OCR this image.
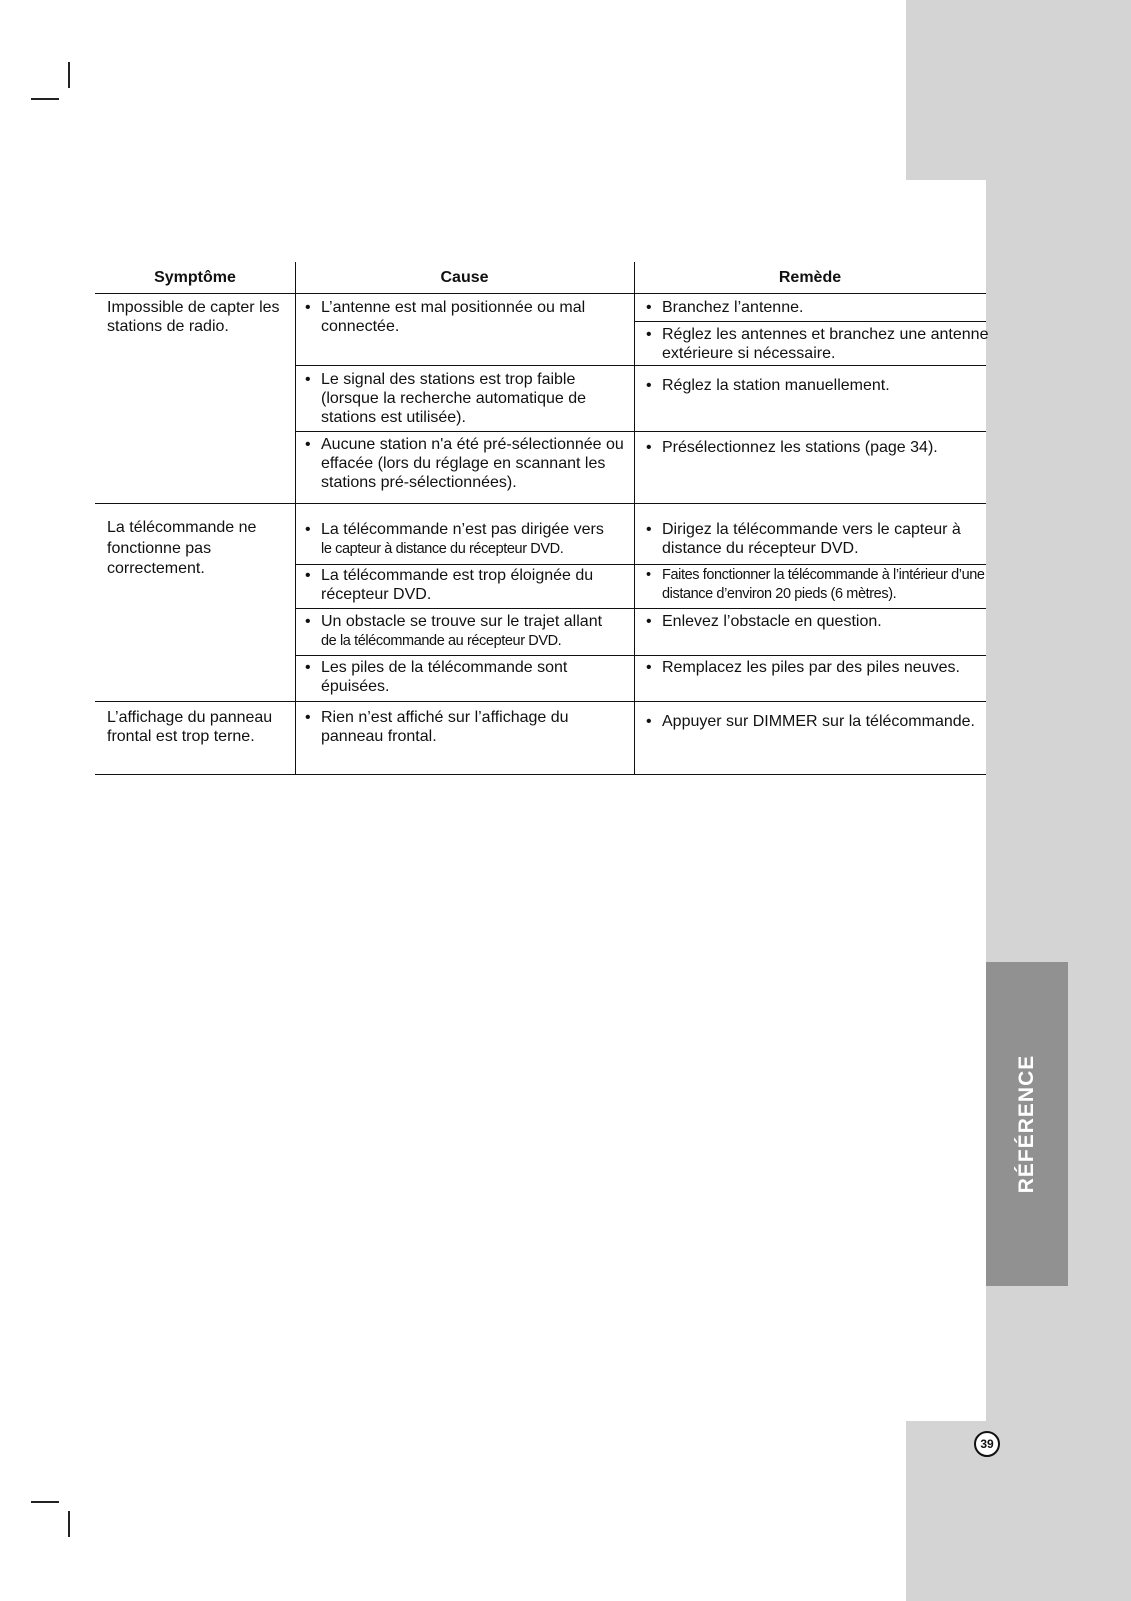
RÉFÉRENCE
39
Symptôme	Cause	Remède
Impossible de capter les stations de radio.
• L’antenne est mal positionnée ou mal connectée.
• Branchez l’antenne.
• Réglez les antennes et branchez une antenne extérieure si nécessaire.
• Le signal des stations est trop faible (lorsque la recherche automatique de stations est utilisée).
• Réglez la station manuellement.
• Aucune station n'a été pré-sélectionnée ou effacée (lors du réglage en scannant les stations pré-sélectionnées).
• Présélectionnez les stations (page 34).
La télécommande ne fonctionne pas correctement.
• La télécommande n’est pas dirigée vers
le capteur à distance du récepteur DVD.
• Dirigez la télécommande vers le capteur à distance du récepteur DVD.
• La télécommande est trop éloignée du récepteur DVD.
• Faites fonctionner la télécommande à l’intérieur d’une distance d’environ 20 pieds (6 mètres).
• Un obstacle se trouve sur le trajet allant
de la télécommande au récepteur DVD.
• Enlevez l’obstacle en question.
• Les piles de la télécommande sont épuisées.
• Remplacez les piles par des piles neuves.
L’affichage du panneau frontal est trop terne.
• Rien n’est affiché sur l’affichage du panneau frontal.
• Appuyer sur DIMMER sur la télécommande.
